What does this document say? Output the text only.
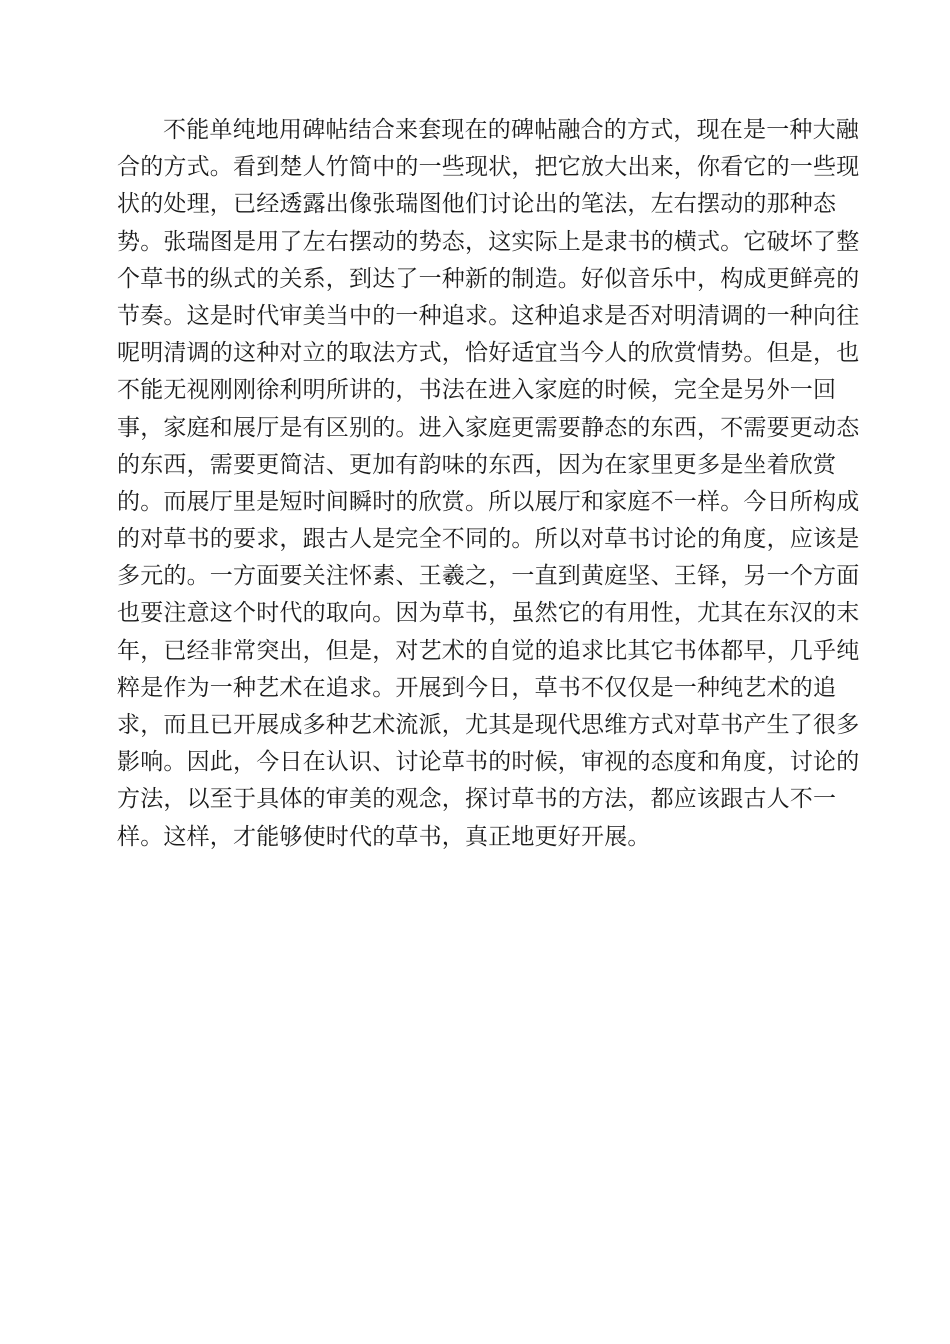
不能单纯地用碑帖结合来套现在的碑帖融合的方式，现在是一种大融
合的方式。看到楚人竹简中的一些现状，把它放大出来，你看它的一些现
状的处理，已经透露出像张瑞图他们讨论出的笔法，左右摆动的那种态
势。张瑞图是用了左右摆动的势态，这实际上是隶书的横式。它破坏了整
个草书的纵式的关系，到达了一种新的制造。好似音乐中，构成更鲜亮的
节奏。这是时代审美当中的一种追求。这种追求是否对明清调的一种向往
呢明清调的这种对立的取法方式，恰好适宜当今人的欣赏情势。但是，也
不能无视刚刚徐利明所讲的，书法在进入家庭的时候，完全是另外一回
事，家庭和展厅是有区别的。进入家庭更需要静态的东西，不需要更动态
的东西，需要更简洁、更加有韵味的东西，因为在家里更多是坐着欣赏
的。而展厅里是短时间瞬时的欣赏。所以展厅和家庭不一样。今日所构成
的对草书的要求，跟古人是完全不同的。所以对草书讨论的角度，应该是
多元的。一方面要关注怀素、王羲之，一直到黄庭坚、王铎，另一个方面
也要注意这个时代的取向。因为草书，虽然它的有用性，尤其在东汉的末
年，已经非常突出，但是，对艺术的自觉的追求比其它书体都早，几乎纯
粹是作为一种艺术在追求。开展到今日，草书不仅仅是一种纯艺术的追
求，而且已开展成多种艺术流派，尤其是现代思维方式对草书产生了很多
影响。因此，今日在认识、讨论草书的时候，审视的态度和角度，讨论的
方法，以至于具体的审美的观念，探讨草书的方法，都应该跟古人不一
样。这样，才能够使时代的草书，真正地更好开展。
